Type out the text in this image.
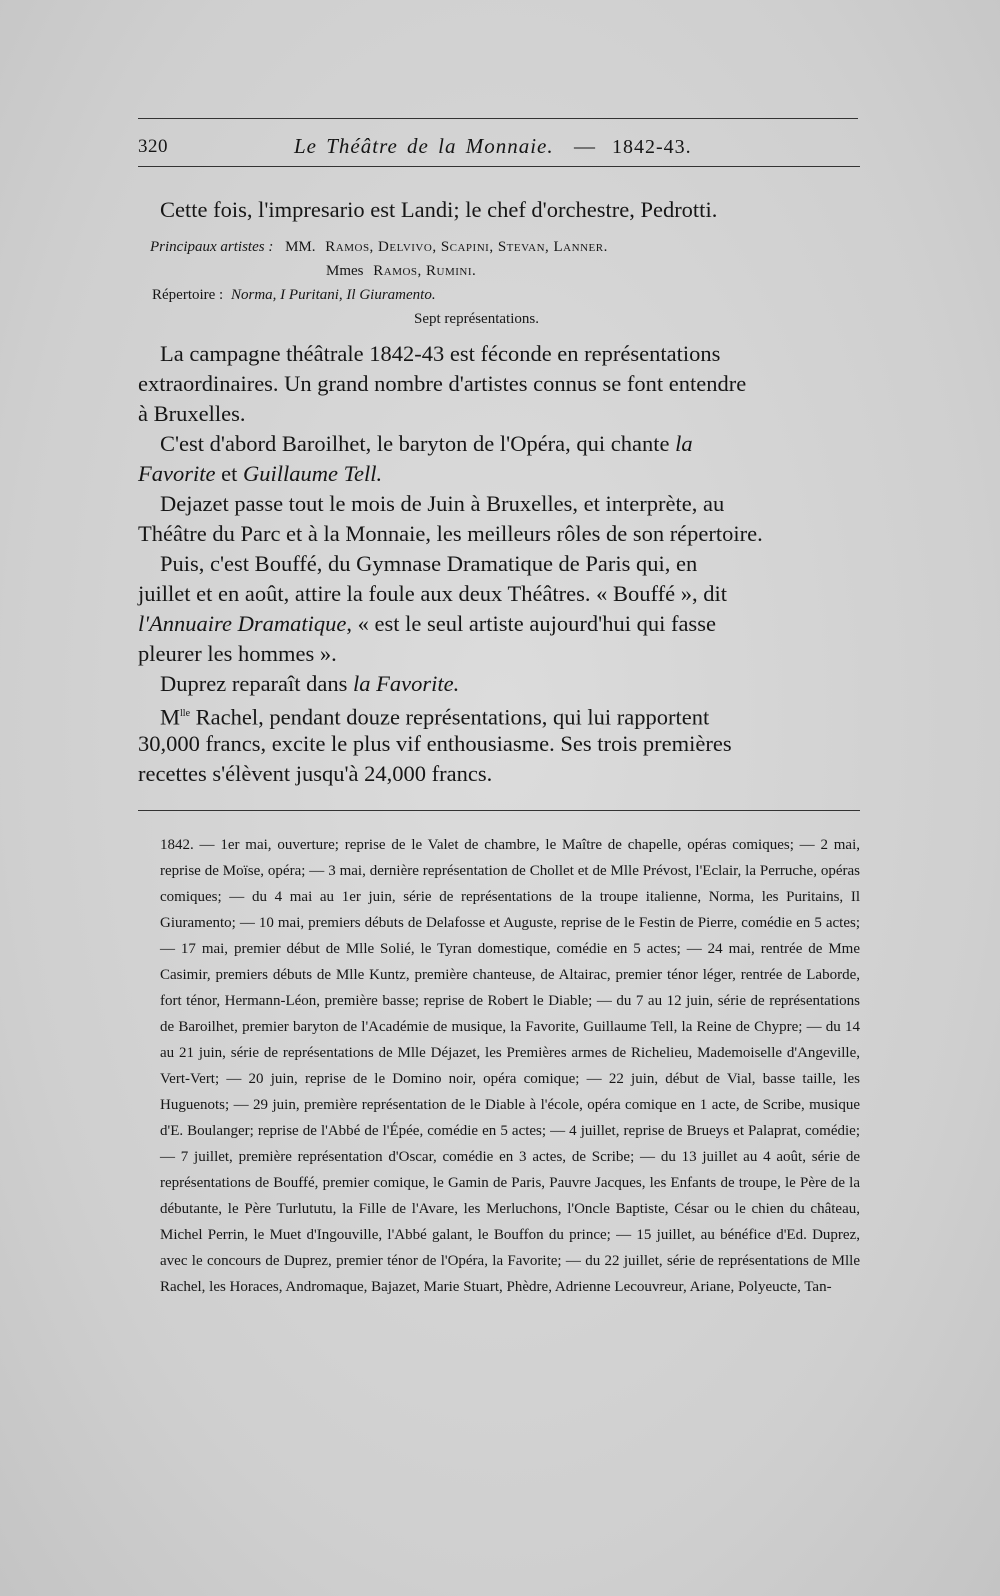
320	Le Théâtre de la Monnaie. — 1842-43.
Cette fois, l'impresario est Landi; le chef d'orchestre, Pedrotti.
Principaux artistes : MM. Ramos, Delvivo, Scapini, Stevan, Lanner.
Mmes Ramos, Rumini.
Répertoire : Norma, I Puritani, Il Giuramento.
Sept représentations.
La campagne théâtrale 1842-43 est féconde en représentations
extraordinaires. Un grand nombre d'artistes connus se font entendre
à Bruxelles.
C'est d'abord Baroilhet, le baryton de l'Opéra, qui chante la
Favorite et Guillaume Tell.
Dejazet passe tout le mois de Juin à Bruxelles, et interprète, au
Théâtre du Parc et à la Monnaie, les meilleurs rôles de son répertoire.
Puis, c'est Bouffé, du Gymnase Dramatique de Paris qui, en
juillet et en août, attire la foule aux deux Théâtres. « Bouffé », dit
l'Annuaire Dramatique, « est le seul artiste aujourd'hui qui fasse
pleurer les hommes ».
Duprez reparaît dans la Favorite.
$M^{lle}$ Rachel, pendant douze représentations, qui lui rapportent
30,000 francs, excite le plus vif enthousiasme. Ses trois premières
recettes s'élèvent jusqu'à 24,000 francs.

1842. — 1er mai, ouverture; reprise de le Valet de chambre, le Maître de chapelle, opéras comiques; — 2 mai, reprise de Moïse, opéra; — 3 mai, dernière représentation de Chollet et de Mlle Prévost, l'Eclair, la Perruche, opéras comiques; — du 4 mai au 1er juin, série de représentations de la troupe italienne, Norma, les Puritains, Il Giuramento; — 10 mai, premiers débuts de Delafosse et Auguste, reprise de le Festin de Pierre, comédie en 5 actes; — 17 mai, premier début de Mlle Solié, le Tyran domestique, comédie en 5 actes; — 24 mai, rentrée de Mme Casimir, premiers débuts de Mlle Kuntz, première chanteuse, de Altairac, premier ténor léger, rentrée de Laborde, fort ténor, Hermann-Léon, première basse; reprise de Robert le Diable; — du 7 au 12 juin, série de représentations de Baroilhet, premier baryton de l'Académie de musique, la Favorite, Guillaume Tell, la Reine de Chypre; — du 14 au 21 juin, série de représentations de Mlle Déjazet, les Premières armes de Richelieu, Mademoiselle d'Angeville, Vert-Vert; — 20 juin, reprise de le Domino noir, opéra comique; — 22 juin, début de Vial, basse taille, les Huguenots; — 29 juin, première représentation de le Diable à l'école, opéra comique en 1 acte, de Scribe, musique d'E. Boulanger; reprise de l'Abbé de l'Épée, comédie en 5 actes; — 4 juillet, reprise de Brueys et Palaprat, comédie; — 7 juillet, première représentation d'Oscar, comédie en 3 actes, de Scribe; — du 13 juillet au 4 août, série de représentations de Bouffé, premier comique, le Gamin de Paris, Pauvre Jacques, les Enfants de troupe, le Père de la débutante, le Père Turlututu, la Fille de l'Avare, les Merluchons, l'Oncle Baptiste, César ou le chien du château, Michel Perrin, le Muet d'Ingouville, l'Abbé galant, le Bouffon du prince; — 15 juillet, au bénéfice d'Ed. Duprez, avec le concours de Duprez, premier ténor de l'Opéra, la Favorite; — du 22 juillet, série de représentations de Mlle Rachel, les Horaces, Andromaque, Bajazet, Marie Stuart, Phèdre, Adrienne Lecouvreur, Ariane, Polyeucte, Tan-
